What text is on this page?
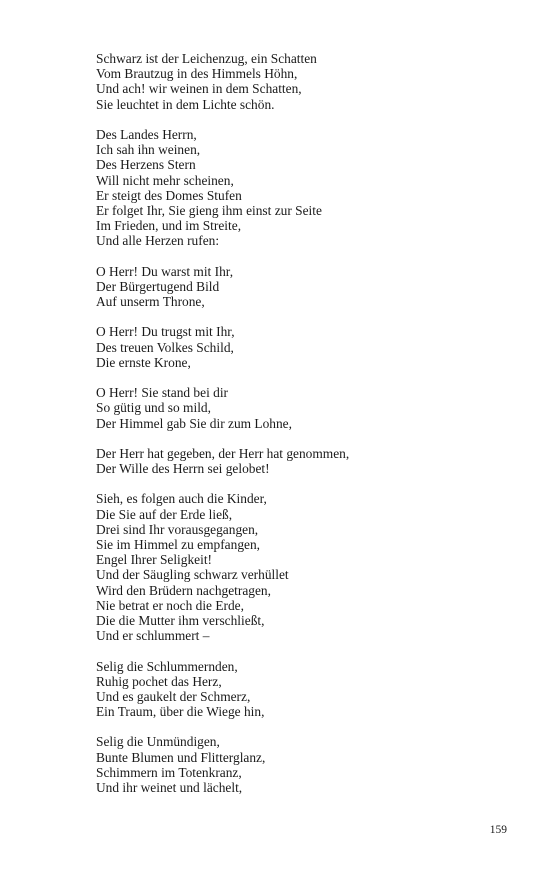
Schwarz ist der Leichenzug, ein Schatten
Vom Brautzug in des Himmels Höhn,
Und ach! wir weinen in dem Schatten,
Sie leuchtet in dem Lichte schön.
Des Landes Herrn,
Ich sah ihn weinen,
Des Herzens Stern
Will nicht mehr scheinen,
Er steigt des Domes Stufen
Er folget Ihr, Sie gieng ihm einst zur Seite
Im Frieden, und im Streite,
Und alle Herzen rufen:
O Herr! Du warst mit Ihr,
Der Bürgertugend Bild
Auf unserm Throne,
O Herr! Du trugst mit Ihr,
Des treuen Volkes Schild,
Die ernste Krone,
O Herr! Sie stand bei dir
So gütig und so mild,
Der Himmel gab Sie dir zum Lohne,
Der Herr hat gegeben, der Herr hat genommen,
Der Wille des Herrn sei gelobet!
Sieh, es folgen auch die Kinder,
Die Sie auf der Erde ließ,
Drei sind Ihr vorausgegangen,
Sie im Himmel zu empfangen,
Engel Ihrer Seligkeit!
Und der Säugling schwarz verhüllet
Wird den Brüdern nachgetragen,
Nie betrat er noch die Erde,
Die die Mutter ihm verschließt,
Und er schlummert –
Selig die Schlummernden,
Ruhig pochet das Herz,
Und es gaukelt der Schmerz,
Ein Traum, über die Wiege hin,
Selig die Unmündigen,
Bunte Blumen und Flitterglanz,
Schimmern im Totenkranz,
Und ihr weinet und lächelt,
159
